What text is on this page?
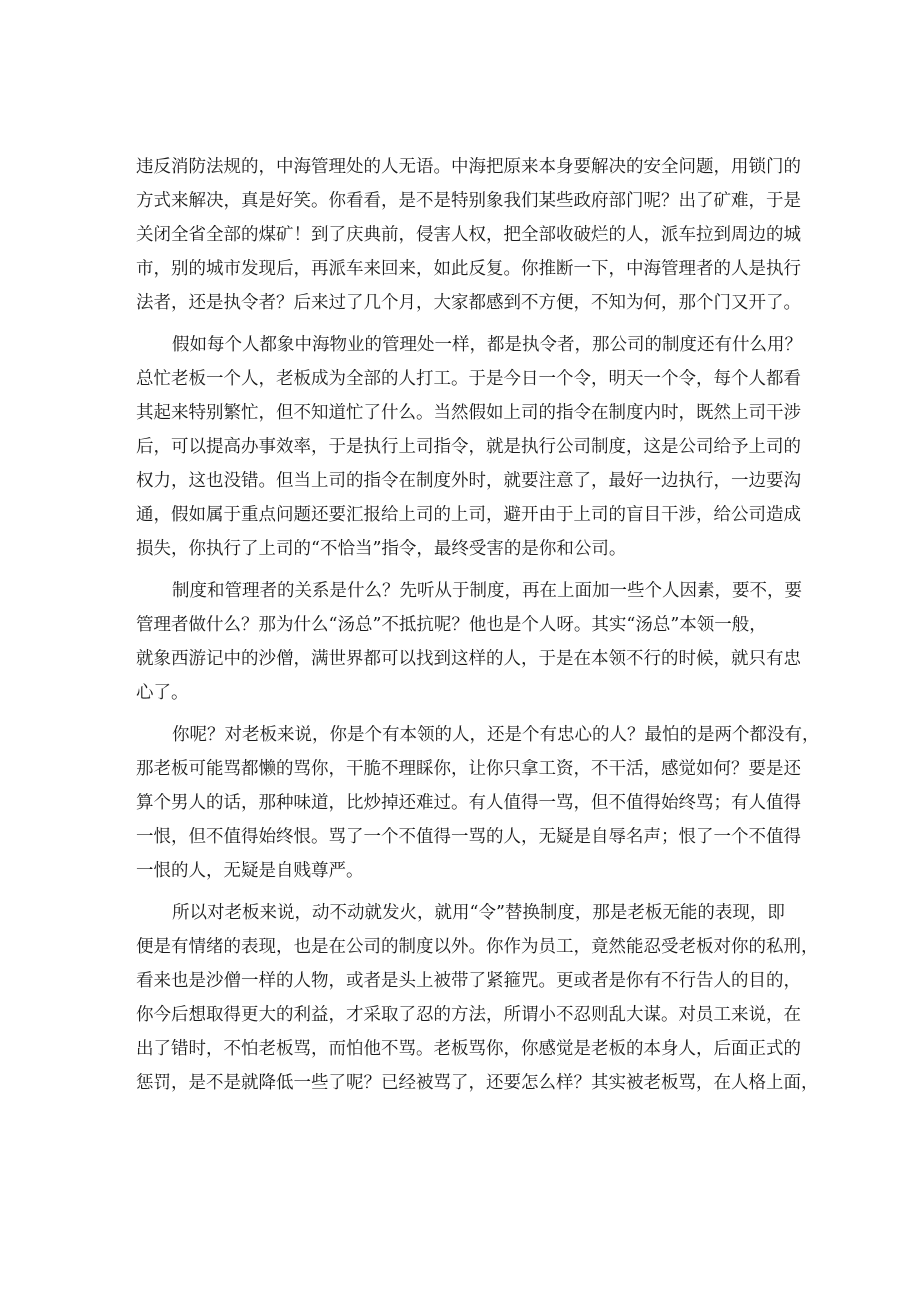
违反消防法规的，中海管理处的人无语。中海把原来本身要解决的安全问题，用锁门的
方式来解决，真是好笑。你看看，是不是特别象我们某些政府部门呢？出了矿难，于是
关闭全省全部的煤矿！到了庆典前，侵害人权，把全部收破烂的人，派车拉到周边的城
市，别的城市发现后，再派车来回来，如此反复。你推断一下，中海管理者的人是执行
法者，还是执令者？后来过了几个月，大家都感到不方便，不知为何，那个门又开了。
假如每个人都象中海物业的管理处一样，都是执令者，那公司的制度还有什么用？
总忙老板一个人，老板成为全部的人打工。于是今日一个令，明天一个令，每个人都看
其起来特别繁忙，但不知道忙了什么。当然假如上司的指令在制度内时，既然上司干涉
后，可以提高办事效率，于是执行上司指令，就是执行公司制度，这是公司给予上司的
权力，这也没错。但当上司的指令在制度外时，就要注意了，最好一边执行，一边要沟
通，假如属于重点问题还要汇报给上司的上司，避开由于上司的盲目干涉，给公司造成
损失，你执行了上司的“不恰当”指令，最终受害的是你和公司。
制度和管理者的关系是什么？先听从于制度，再在上面加一些个人因素，要不，要
管理者做什么？那为什么“汤总”不抵抗呢？他也是个人呀。其实“汤总”本领一般，
就象西游记中的沙僧，满世界都可以找到这样的人，于是在本领不行的时候，就只有忠
心了。
你呢？对老板来说，你是个有本领的人，还是个有忠心的人？最怕的是两个都没有，
那老板可能骂都懒的骂你，干脆不理睬你，让你只拿工资，不干活，感觉如何？要是还
算个男人的话，那种味道，比炒掉还难过。有人值得一骂，但不值得始终骂；有人值得
一恨，但不值得始终恨。骂了一个不值得一骂的人，无疑是自辱名声；恨了一个不值得
一恨的人，无疑是自贱尊严。
所以对老板来说，动不动就发火，就用“令”替换制度，那是老板无能的表现，即
便是有情绪的表现，也是在公司的制度以外。你作为员工，竟然能忍受老板对你的私刑，
看来也是沙僧一样的人物，或者是头上被带了紧箍咒。更或者是你有不行告人的目的，
你今后想取得更大的利益，才采取了忍的方法，所谓小不忍则乱大谋。对员工来说，在
出了错时，不怕老板骂，而怕他不骂。老板骂你，你感觉是老板的本身人，后面正式的
惩罚，是不是就降低一些了呢？已经被骂了，还要怎么样？其实被老板骂，在人格上面，
